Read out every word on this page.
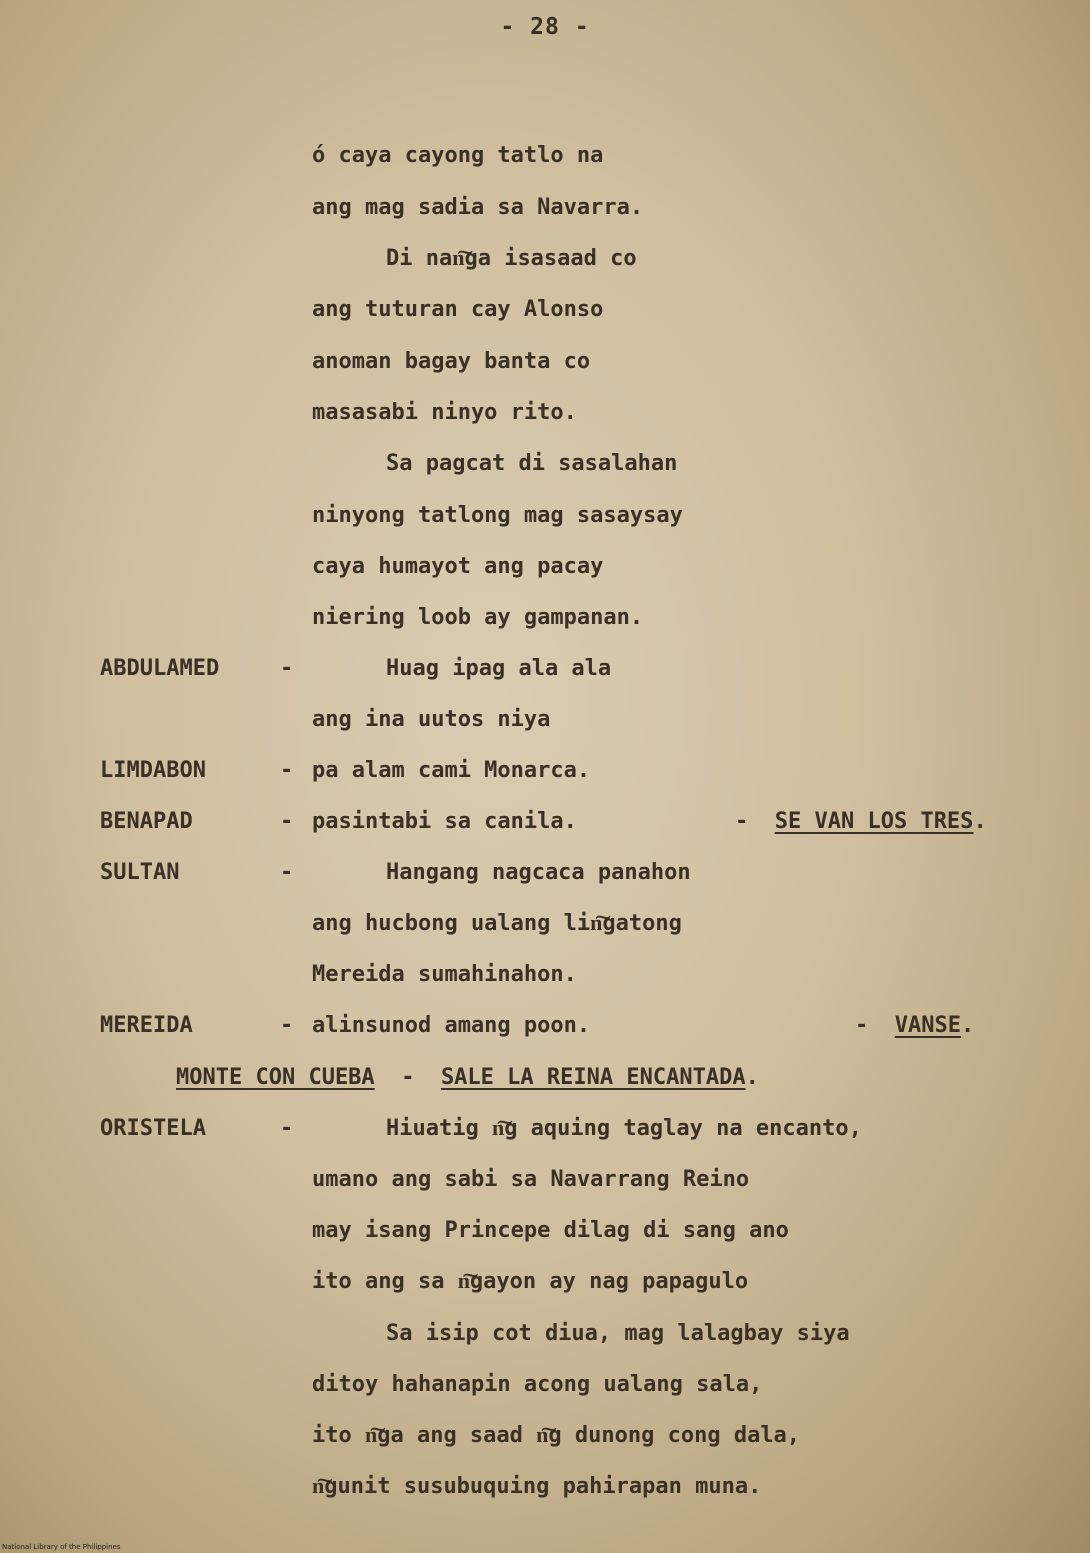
- 28 -
ó caya cayong tatlo na
ang mag sadia sa Navarra.
Di nan͠ga isasaad co
ang tuturan cay Alonso
anoman bagay banta co
masasabi ninyo rito.
Sa pagcat di sasalahan
ninyong tatlong mag sasaysay
caya humayot ang pacay
niering loob ay gampanan.
ABDULAMED	-	Huag ipag ala ala
ang ina uutos niya
LIMDABON	- pa alam cami Monarca.
BENAPAD	- pasintabi sa canila.	- SE VAN LOS TRES.
SULTAN	-	Hangang nagcaca panahon
ang hucbong ualang lin͠gatong
Mereida sumahinahon.
MEREIDA	- alinsunod amang poon.	- VANSE.
MONTE CON CUEBA - SALE LA REINA ENCANTADA.
ORISTELA	-	Hiuatig n͠g aquing taglay na encanto,
umano ang sabi sa Navarrang Reino
may isang Princepe dilag di sang ano
ito ang sa n͠gayon ay nag papagulo
Sa isip cot diua, mag lalagbay siya
ditoy hahanapin acong ualang sala,
ito n͠ga ang saad n͠g dunong cong dala,
n͠gunit susubuquing pahirapan muna.
National Library of the Philippines
